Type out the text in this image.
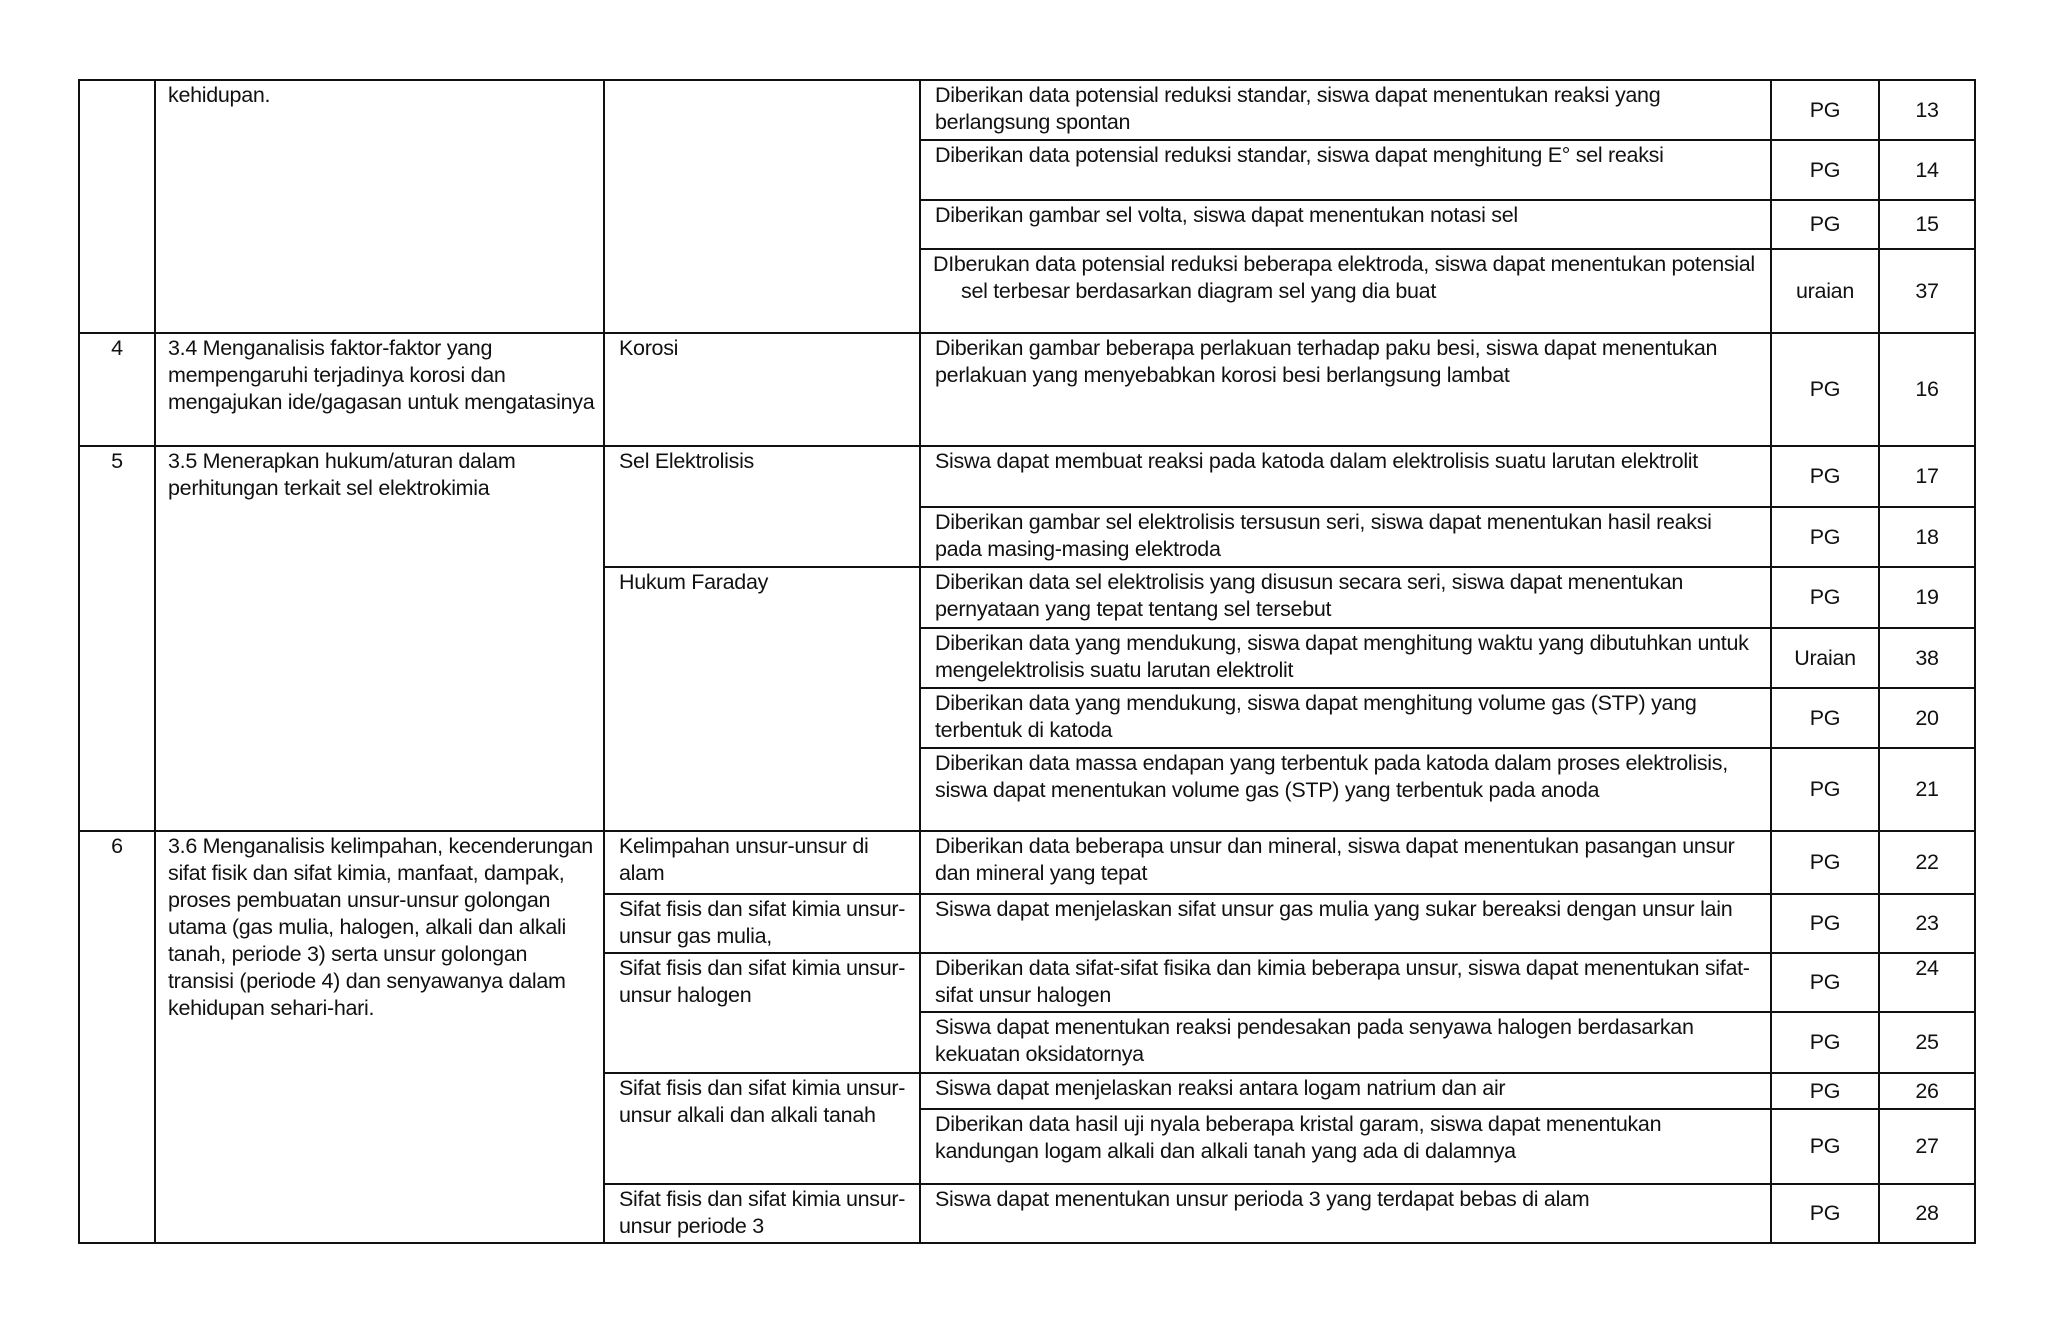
	kehidupan.		Diberikan data potensial reduksi standar, siswa dapat menentukan reaksi yang berlangsung spontan	PG	13
			Diberikan data potensial reduksi standar, siswa dapat menghitung E° sel reaksi	PG	14
			Diberikan gambar sel volta, siswa dapat menentukan notasi sel	PG	15
			DIberukan data potensial reduksi beberapa elektroda, siswa dapat menentukan potensial sel terbesar berdasarkan diagram sel yang dia buat	uraian	37
4	3.4 Menganalisis faktor-faktor yang mempengaruhi terjadinya korosi dan mengajukan ide/gagasan untuk mengatasinya	Korosi	Diberikan gambar beberapa perlakuan terhadap paku besi, siswa dapat menentukan perlakuan yang menyebabkan korosi besi berlangsung lambat	PG	16
5	3.5 Menerapkan hukum/aturan dalam perhitungan terkait sel elektrokimia	Sel Elektrolisis	Siswa dapat membuat reaksi pada katoda dalam elektrolisis suatu larutan elektrolit	PG	17
			Diberikan gambar sel elektrolisis tersusun seri, siswa dapat menentukan hasil reaksi pada masing-masing elektroda	PG	18
		Hukum Faraday	Diberikan data sel elektrolisis yang disusun secara seri, siswa dapat menentukan pernyataan yang tepat tentang sel tersebut	PG	19
			Diberikan data yang mendukung, siswa dapat menghitung waktu yang dibutuhkan untuk mengelektrolisis suatu larutan elektrolit	Uraian	38
			Diberikan data yang mendukung, siswa dapat menghitung volume gas (STP) yang terbentuk di katoda	PG	20
			Diberikan data massa endapan yang terbentuk pada katoda dalam proses elektrolisis, siswa dapat menentukan volume gas (STP) yang terbentuk pada anoda	PG	21
6	3.6 Menganalisis kelimpahan, kecenderungan sifat fisik dan sifat kimia, manfaat, dampak, proses pembuatan unsur-unsur golongan utama (gas mulia, halogen, alkali dan alkali tanah, periode 3) serta unsur golongan transisi (periode 4) dan senyawanya dalam kehidupan sehari-hari.	Kelimpahan unsur-unsur di alam	Diberikan data beberapa unsur dan mineral, siswa dapat menentukan pasangan unsur dan mineral yang tepat	PG	22
		Sifat fisis dan sifat kimia unsur-unsur gas mulia,	Siswa dapat menjelaskan sifat unsur gas mulia yang sukar bereaksi dengan unsur lain	PG	23
		Sifat fisis dan sifat kimia unsur-unsur halogen	Diberikan data sifat-sifat fisika dan kimia beberapa unsur, siswa dapat menentukan sifat-sifat unsur halogen	PG	24
			Siswa dapat menentukan reaksi pendesakan pada senyawa halogen berdasarkan kekuatan oksidatornya	PG	25
		Sifat fisis dan sifat kimia unsur-unsur alkali dan alkali tanah	Siswa dapat menjelaskan reaksi antara logam natrium dan air	PG	26
			Diberikan data hasil uji nyala beberapa kristal garam, siswa dapat menentukan kandungan logam alkali dan alkali tanah yang ada di dalamnya	PG	27
		Sifat fisis dan sifat kimia unsur-unsur periode 3	Siswa dapat menentukan unsur perioda 3 yang terdapat bebas di alam	PG	28
